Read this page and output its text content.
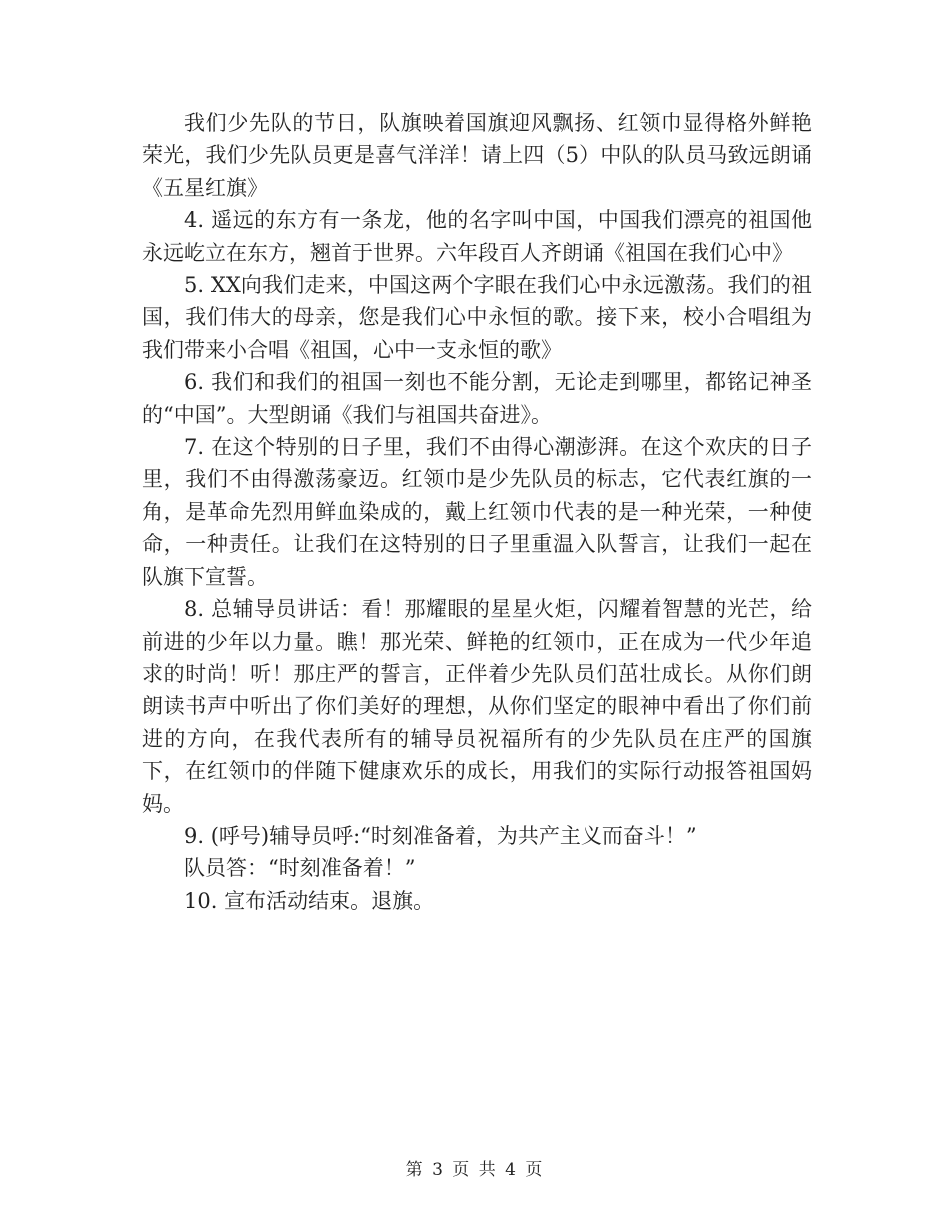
我们少先队的节日，队旗映着国旗迎风飘扬、红领巾显得格外鲜艳荣光，我们少先队员更是喜气洋洋！请上四（5）中队的队员马致远朗诵《五星红旗》

4. 遥远的东方有一条龙，他的名字叫中国，中国我们漂亮的祖国他永远屹立在东方，翘首于世界。六年段百人齐朗诵《祖国在我们心中》

5. XX向我们走来，中国这两个字眼在我们心中永远激荡。我们的祖国，我们伟大的母亲，您是我们心中永恒的歌。接下来，校小合唱组为我们带来小合唱《祖国，心中一支永恒的歌》

6. 我们和我们的祖国一刻也不能分割，无论走到哪里，都铭记神圣的“中国”。大型朗诵《我们与祖国共奋进》。

7. 在这个特别的日子里，我们不由得心潮澎湃。在这个欢庆的日子里，我们不由得激荡豪迈。红领巾是少先队员的标志，它代表红旗的一角，是革命先烈用鲜血染成的，戴上红领巾代表的是一种光荣，一种使命，一种责任。让我们在这特别的日子里重温入队誓言，让我们一起在队旗下宣誓。

8. 总辅导员讲话：看！那耀眼的星星火炬，闪耀着智慧的光芒，给前进的少年以力量。瞧！那光荣、鲜艳的红领巾，正在成为一代少年追求的时尚！听！那庄严的誓言，正伴着少先队员们茁壮成长。从你们朗朗读书声中听出了你们美好的理想，从你们坚定的眼神中看出了你们前进的方向，在我代表所有的辅导员祝福所有的少先队员在庄严的国旗下，在红领巾的伴随下健康欢乐的成长，用我们的实际行动报答祖国妈妈。

9. (呼号)辅导员呼:“时刻准备着，为共产主义而奋斗！”

队员答：“时刻准备着！”

10. 宣布活动结束。退旗。

第 3 页 共 4 页
